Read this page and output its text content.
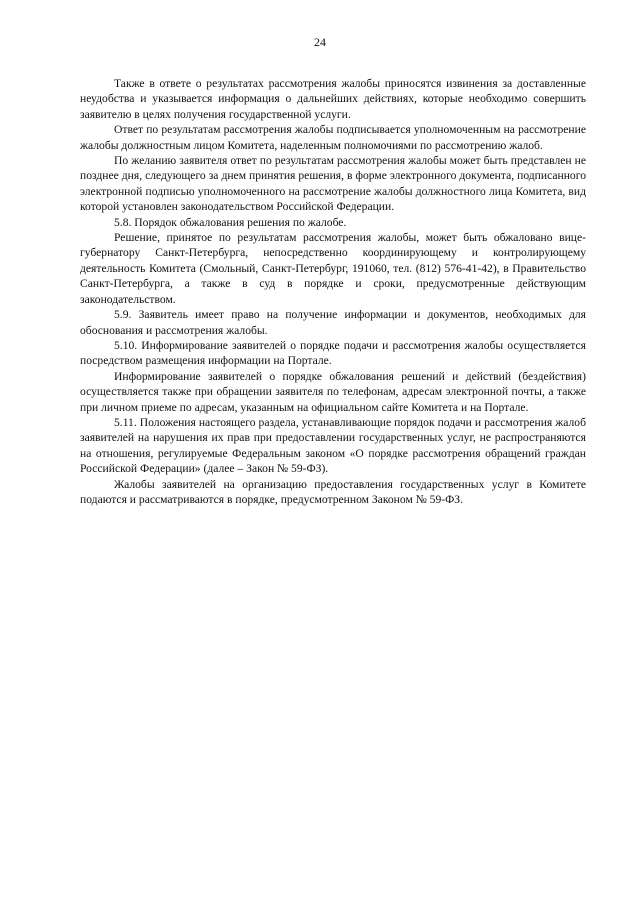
24

Также в ответе о результатах рассмотрения жалобы приносятся извинения за доставленные неудобства и указывается информация о дальнейших действиях, которые необходимо совершить заявителю в целях получения государственной услуги.

Ответ по результатам рассмотрения жалобы подписывается уполномоченным на рассмотрение жалобы должностным лицом Комитета, наделенным полномочиями по рассмотрению жалоб.

По желанию заявителя ответ по результатам рассмотрения жалобы может быть представлен не позднее дня, следующего за днем принятия решения, в форме электронного документа, подписанного электронной подписью уполномоченного на рассмотрение жалобы должностного лица Комитета, вид которой установлен законодательством Российской Федерации.

5.8. Порядок обжалования решения по жалобе.

Решение, принятое по результатам рассмотрения жалобы, может быть обжаловано вице-губернатору Санкт-Петербурга, непосредственно координирующему и контролирующему деятельность Комитета (Смольный, Санкт-Петербург, 191060, тел. (812) 576-41-42), в Правительство Санкт-Петербурга, а также в суд в порядке и сроки, предусмотренные действующим законодательством.

5.9. Заявитель имеет право на получение информации и документов, необходимых для обоснования и рассмотрения жалобы.

5.10. Информирование заявителей о порядке подачи и рассмотрения жалобы осуществляется посредством размещения информации на Портале.

Информирование заявителей о порядке обжалования решений и действий (бездействия) осуществляется также при обращении заявителя по телефонам, адресам электронной почты, а также при личном приеме по адресам, указанным на официальном сайте Комитета и на Портале.

5.11. Положения настоящего раздела, устанавливающие порядок подачи и рассмотрения жалоб заявителей на нарушения их прав при предоставлении государственных услуг, не распространяются на отношения, регулируемые Федеральным законом «О порядке рассмотрения обращений граждан Российской Федерации» (далее – Закон № 59-ФЗ).

Жалобы заявителей на организацию предоставления государственных услуг в Комитете подаются и рассматриваются в порядке, предусмотренном Законом № 59-ФЗ.
